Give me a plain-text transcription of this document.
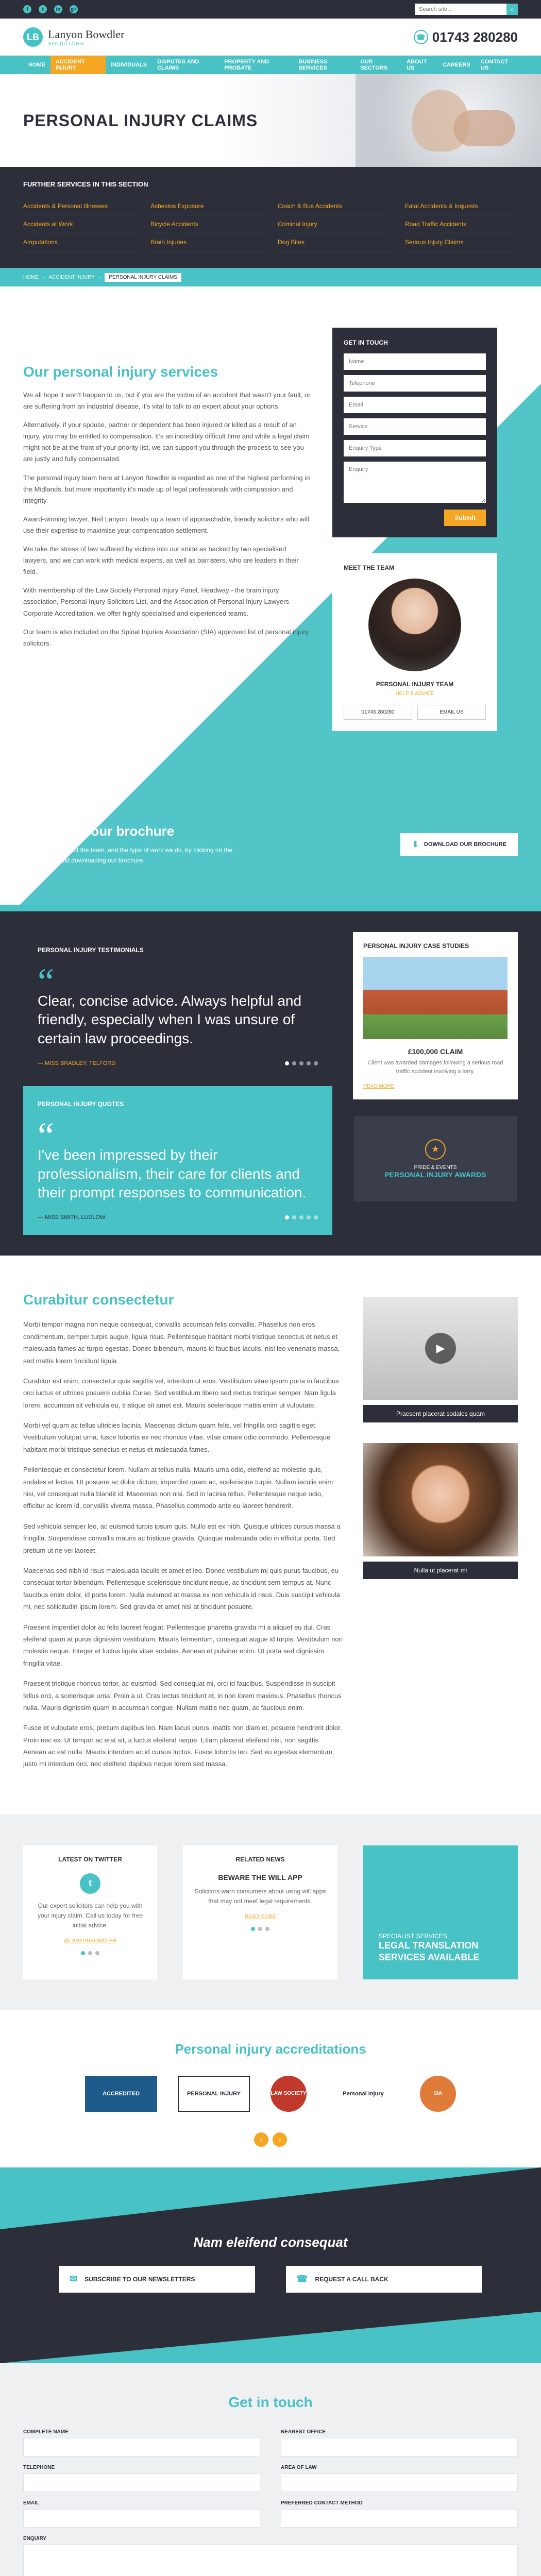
f	t	in	g+
Search site...	⌕
LB Lanyon Bowdler
SOLICITORS
☎ 01743 280280
HOME	ACCIDENT INJURY	INDIVIDUALS	DISPUTES AND CLAIMS
PROPERTY AND PROBATE
BUSINESS SERVICES
OUR SECTORS
ABOUT US	CAREERS	CONTACT US
PERSONAL INJURY CLAIMS
FURTHER SERVICES IN THIS SECTION
Accidents & Personal Illnesses	Asbestos Exposure	Coach & Bus Accidents	Fatal Accidents & Inquests
Accidents at Work	Bicycle Accidents	Criminal Injury	Road Traffic Accidents
Amputations	Brain Injuries	Dog Bites	Serious Injury Claims
HOME › ACCIDENT INJURY ›	PERSONAL INJURY CLAIMS
Our personal injury services

We all hope it won't happen to us, but if you are the victim of an accident that wasn't your fault, or are suffering from an industrial disease, it's vital to talk to an expert about your options.

Alternatively, if your spouse, partner or dependent has been injured or killed as a result of an injury, you may be entitled to compensation. It's an incredibly difficult time and while a legal claim might not be at the front of your priority list, we can support you through the process to see you are justly and fully compensated.

The personal injury team here at Lanyon Bowdler is regarded as one of the highest performing in the Midlands, but more importantly it's made up of legal professionals with compassion and integrity.

Award-winning lawyer, Neil Lanyon, heads up a team of approachable, friendly solicitors who will use their expertise to maximise your compensation settlement.

We take the stress of law suffered by victims into our stride as backed by two specialised lawyers, and we can work with medical experts, as well as barristers, who are leaders in their field.

With membership of the Law Society Personal Injury Panel, Headway - the brain injury association, Personal Injury Solicitors List, and the Association of Personal Injury Lawyers Corporate Accreditation, we offer highly specialised and experienced teams.

Our team is also included on the Spinal Injuries Association (SIA) approved list of personal injury solicitors.

GET IN TOUCH
Name Telephone Email Service Enquiry Type Enquiry
Submit
MEET THE TEAM
PERSONAL INJURY TEAM
HELP & ADVICE
01743 280280	EMAIL US
Download our brochure

Find out more about the team, and the type of work we do, by clicking on the link opposite and downloading our brochure.

⬇ DOWNLOAD OUR BROCHURE
PERSONAL INJURY TESTIMONIALS
“
Clear, concise advice. Always helpful and friendly, especially when I was unsure of certain law proceedings.
— MISS BRADLEY, TELFORD
PERSONAL INJURY QUOTES
“
I've been impressed by their professionalism, their care for clients and their prompt responses to communication.
— MISS SMITH, LUDLOW
PERSONAL INJURY CASE STUDIES
£100,000 CLAIM
Client was awarded damages following a serious road traffic accident involving a lorry.
READ MORE
★
PRIDE & EVENTS
PERSONAL INJURY AWARDS
Curabitur consectetur

Morbi tempor magna non neque consequat, convallis accumsan felis convallis. Phasellus non eros condimentum, semper turpis augue, ligula risus. Pellentesque habitant morbi tristique senectus et netus et malesuada fames ac turpis egestas. Donec bibendum, mauris id faucibus iaculis, nisl leo venenatis massa, sed mattis lorem tincidunt ligula.

Curabitur est enim, consectetur quis sagittis vel, interdum ut eros. Vestibulum vitae ipsum porta in faucibus orci luctus et ultrices posuere cubilia Curae. Sed vestibulum libero sed metus tristique semper. Nam ligula lorem, accumsan sit vehicula eu, tristique sit amet est. Mauris scelerisque mattis enim ut vulputate.

Morbi vel quam ac tellus ultricies lacinia. Maecenas dictum quam felis, vel fringilla orci sagittis eget. Vestibulum volutpat urna, fusce lobortis ex nec rhoncus vitae, vitae ornare odio commodo. Pellentesque habitant morbi tristique senectus et netus et malesuada fames.

Pellentesque et consectetur lorem. Nullam at tellus nulla. Mauris urna odio, eleifend ac molestie quis, sodales et lectus. Ut posuere ac dolor dictum, imperdiet quam ac, scelerisque turpis. Nullam iaculis enim nisi, vel consequat nulla blandit id. Maecenas non nisi. Sed in lacinia tellus. Pellentesque neque odio, efficitur ac lorem id, convallis viverra massa. Phasellus commodo ante eu laoreet hendrerit.

Sed vehicula semper leo, ac euismod turpis ipsum quis. Nullo est ex nibh. Quisque ultrices cursus massa a fringilla. Suspendisse convallis mauris ac tristique gravida. Quisque malesuada odio in efficitur porta. Sed pretium ut ne vel laoreet.

Maecenas sed nibh id risus malesuada iaculis et amet et leo. Donec vestibulum mi quis purus faucibus, eu consequat tortor bibendum. Pellentesque scelerisque tincidunt neque, ac tincidunt sem tempus at. Nunc faucibus enim dolor, id porta lorem. Nulla euismod at massa ex non vehicula id risus. Duis suscipit vehicula mi, nec sollicitudin ipsum lorem. Sed gravida et amet nisi at tincidunt posuere.

Praesent imperdiet dolor ac felis laoreet feugiat. Pellentesque pharetra gravida mi a aliquet eu dui. Cras eleifend quam at purus dignissim vestibulum. Mauris fermentum, consequat augue id turpis. Vestibulum non molestie neque. Integer et luctus ligula vitae sodales. Aenean et pulvinar enim. Ut porta sed dignissim fringilla vitae.

Praesent tristique rhoncus tortor, ac euismod. Sed consequat mi, orci id faucibus. Suspendisse in suscipit tellus orci, a scelerisque urna. Proin a ut. Cras lectus tincidunt et, in non lorem maximus. Phasellus rhoncus nulla. Mauris dignissim quam in accumsan congue. Nullam mattis nec quam, ac faucibus enim.

Fusce et vulputate eros, pretium dapibus leo. Nam lacus purus, mattis non diam et, posuere hendrerit dolor. Proin nec ex. Ut tempor ac erat sit, a luctus eleifend neque. Etiam placerat eleifend nisi, non sagittis. Aenean ac est nulla. Mauris interdum ac id cursus luctus. Fusce lobortis leo. Sed eu egestas elementum, justo mi interdum orci, nec eleifend dapibus neque lorem sed massa.

▶
Praesent placerat sodales quam
Nulla ut placerat mi
LATEST ON TWITTER
t

Our expert solicitors can help you with your injury claim. Call us today for free initial advice.

@LANYONBOWDLER
RELATED NEWS
BEWARE THE WILL APP

Solicitors warn consumers about using will apps that may not meet legal requirements.

READ MORE
SPECIALIST SERVICES
LEGAL TRANSLATION SERVICES AVAILABLE
Personal injury accreditations
ACCREDITED	PERSONAL INJURY	LAW SOCIETY	Personal Injury	SIA
‹	›
Nam eleifend consequat
✉ SUBSCRIBE TO OUR NEWSLETTERS	☎ REQUEST A CALL BACK
Get in touch
COMPLETE NAME	NEAREST OFFICE
TELEPHONE	AREA OF LAW
EMAIL	PREFERRED CONTACT METHOD
ENQUIRY
